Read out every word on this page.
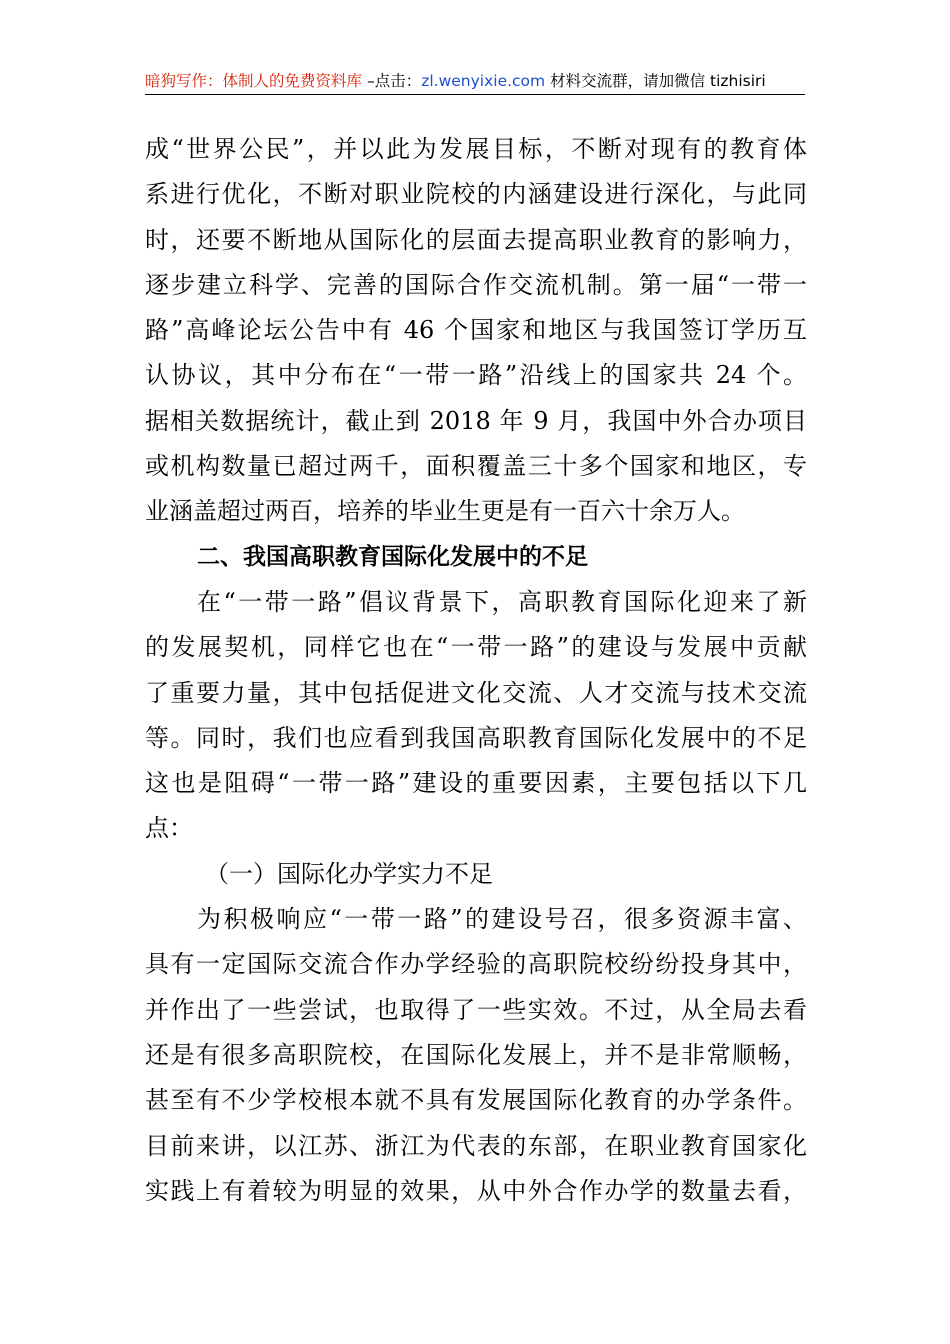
暗狗写作：体制人的免费资料库 –点击：zl.wenyixie.com 材料交流群，请加微信 tizhisiri
成“世界公民”，并以此为发展目标，不断对现有的教育体
系进行优化，不断对职业院校的内涵建设进行深化，与此同
时，还要不断地从国际化的层面去提高职业教育的影响力，
逐步建立科学、完善的国际合作交流机制。第一届“一带一
路”高峰论坛公告中有 46 个国家和地区与我国签订学历互
认协议，其中分布在“一带一路”沿线上的国家共 24 个。
据相关数据统计，截止到 2018 年 9 月，我国中外合办项目
或机构数量已超过两千，面积覆盖三十多个国家和地区，专
业涵盖超过两百，培养的毕业生更是有一百六十余万人。
二、我国高职教育国际化发展中的不足
在“一带一路”倡议背景下，高职教育国际化迎来了新
的发展契机，同样它也在“一带一路”的建设与发展中贡献
了重要力量，其中包括促进文化交流、人才交流与技术交流
等。同时，我们也应看到我国高职教育国际化发展中的不足
这也是阻碍“一带一路”建设的重要因素，主要包括以下几
点：
（一）国际化办学实力不足
为积极响应“一带一路”的建设号召，很多资源丰富、
具有一定国际交流合作办学经验的高职院校纷纷投身其中，
并作出了一些尝试，也取得了一些实效。不过，从全局去看
还是有很多高职院校，在国际化发展上，并不是非常顺畅，
甚至有不少学校根本就不具有发展国际化教育的办学条件。
目前来讲，以江苏、浙江为代表的东部，在职业教育国家化
实践上有着较为明显的效果，从中外合作办学的数量去看，
